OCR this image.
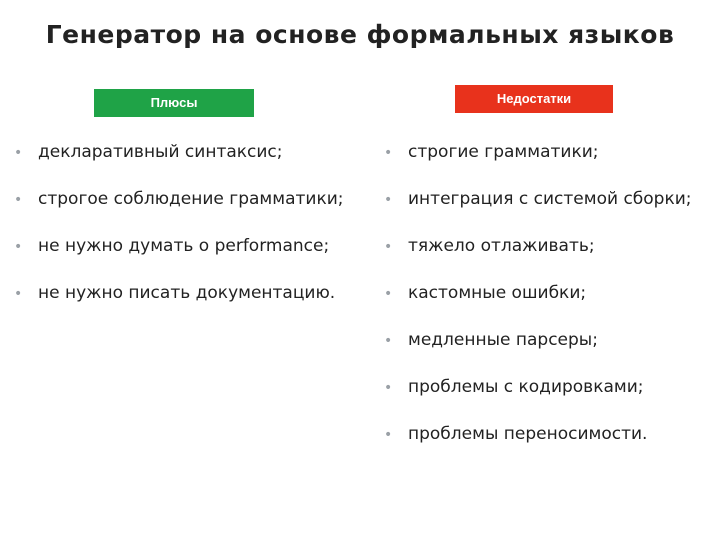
Генератор на основе формальных языков
Плюсы	Недостатки
• декларативный синтаксис;
• строгое соблюдение грамматики;
• не нужно думать о performance;
• не нужно писать документацию.
• строгие грамматики;
• интеграция с системой сборки;
• тяжело отлаживать;
• кастомные ошибки;
• медленные парсеры;
• проблемы с кодировками;
• проблемы переносимости.
